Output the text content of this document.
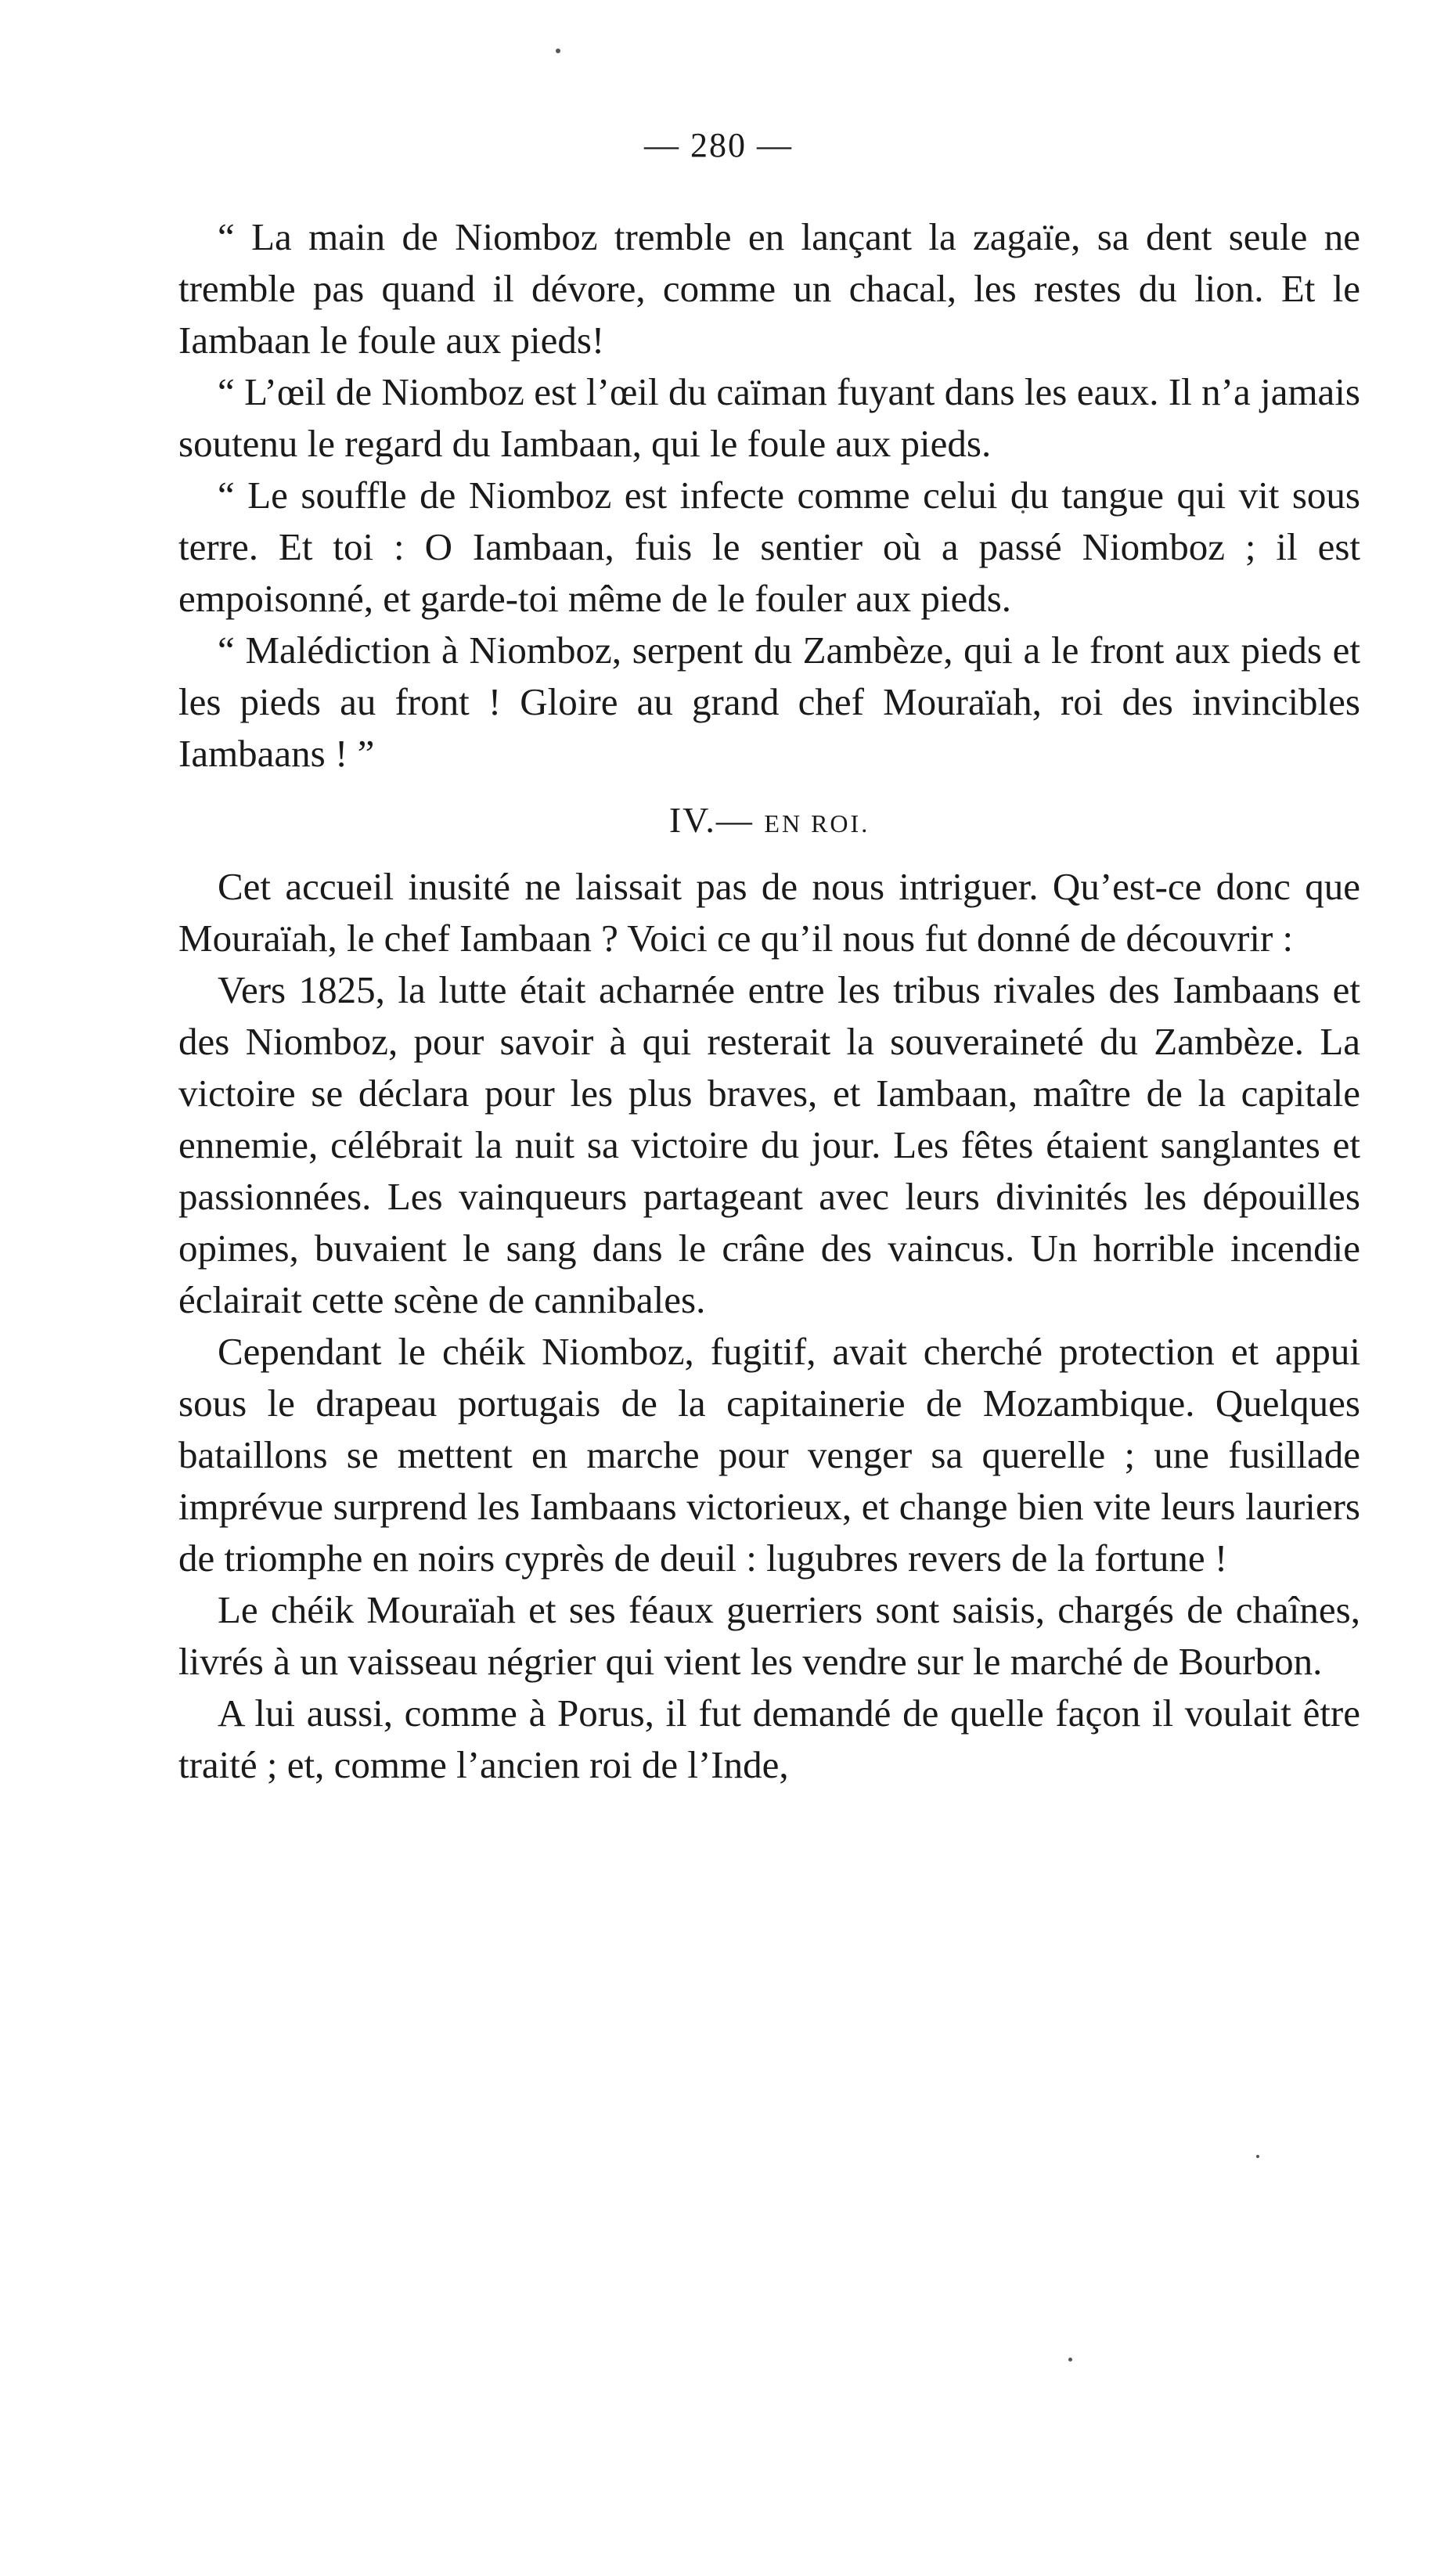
— 280 —

“ La main de Niomboz tremble en lançant la zagaïe, sa dent seule ne tremble pas quand il dévore, comme un chacal, les restes du lion. Et le Iambaan le foule aux pieds!

“ L’œil de Niomboz est l’œil du caïman fuyant dans les eaux. Il n’a jamais soutenu le regard du Iambaan, qui le foule aux pieds.

“ Le souffle de Niomboz est infecte comme celui du tangue qui vit sous terre. Et toi : O Iambaan, fuis le sentier où a passé Niomboz ; il est empoisonné, et garde-toi même de le fouler aux pieds.

“ Malédiction à Niomboz, serpent du Zambèze, qui a le front aux pieds et les pieds au front ! Gloire au grand chef Mouraïah, roi des invincibles Iambaans ! ”

IV.— EN ROI.

Cet accueil inusité ne laissait pas de nous intriguer. Qu’est-ce donc que Mouraïah, le chef Iambaan ? Voici ce qu’il nous fut donné de découvrir :

Vers 1825, la lutte était acharnée entre les tribus rivales des Iambaans et des Niomboz, pour savoir à qui resterait la souveraineté du Zambèze. La victoire se déclara pour les plus braves, et Iambaan, maître de la capitale ennemie, célébrait la nuit sa victoire du jour. Les fêtes étaient sanglantes et passionnées. Les vainqueurs partageant avec leurs divinités les dépouilles opimes, buvaient le sang dans le crâne des vaincus. Un horrible incendie éclairait cette scène de cannibales.

Cependant le chéik Niomboz, fugitif, avait cherché protection et appui sous le drapeau portugais de la capitainerie de Mozambique. Quelques bataillons se mettent en marche pour venger sa querelle ; une fusillade imprévue surprend les Iambaans victorieux, et change bien vite leurs lauriers de triomphe en noirs cyprès de deuil : lugubres revers de la fortune !

Le chéik Mouraïah et ses féaux guerriers sont saisis, chargés de chaînes, livrés à un vaisseau négrier qui vient les vendre sur le marché de Bourbon.

A lui aussi, comme à Porus, il fut demandé de quelle façon il voulait être traité ; et, comme l’ancien roi de l’Inde,
